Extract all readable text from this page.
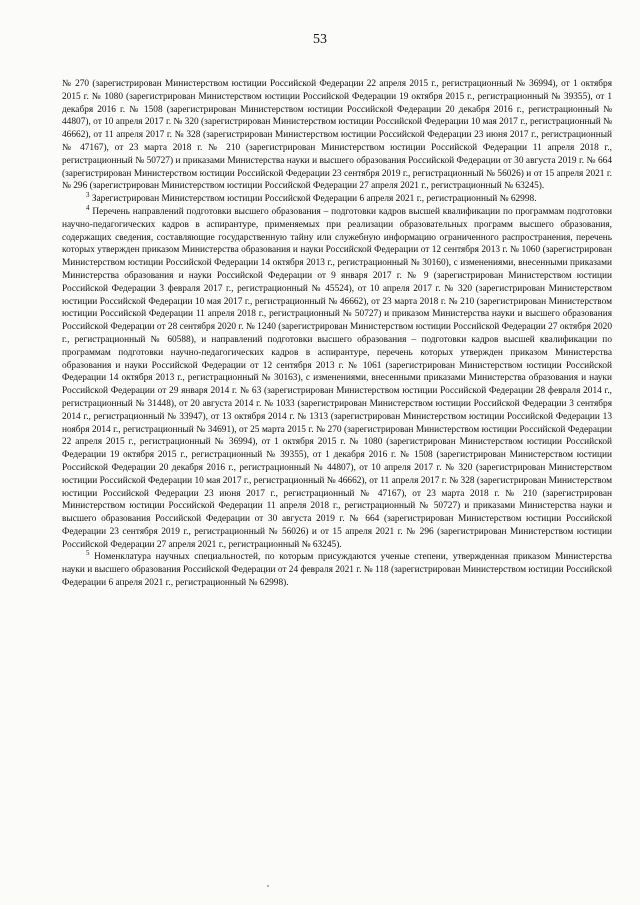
53

№ 270 (зарегистрирован Министерством юстиции Российской Федерации 22 апреля 2015 г., регистрационный № 36994), от 1 октября 2015 г. № 1080 (зарегистрирован Министерством юстиции Российской Федерации 19 октября 2015 г., регистрационный № 39355), от 1 декабря 2016 г. № 1508 (зарегистрирован Министерством юстиции Российской Федерации 20 декабря 2016 г., регистрационный № 44807), от 10 апреля 2017 г. № 320 (зарегистрирован Министерством юстиции Российской Федерации 10 мая 2017 г., регистрационный № 46662), от 11 апреля 2017 г. № 328 (зарегистрирован Министерством юстиции Российской Федерации 23 июня 2017 г., регистрационный № 47167), от 23 марта 2018 г. № 210 (зарегистрирован Министерством юстиции Российской Федерации 11 апреля 2018 г., регистрационный № 50727) и приказами Министерства науки и высшего образования Российской Федерации от 30 августа 2019 г. № 664 (зарегистрирован Министерством юстиции Российской Федерации 23 сентября 2019 г., регистрационный № 56026) и от 15 апреля 2021 г. № 296 (зарегистрирован Министерством юстиции Российской Федерации 27 апреля 2021 г., регистрационный № 63245).

$^3$ Зарегистрирован Министерством юстиции Российской Федерации 6 апреля 2021 г., регистрационный № 62998.

$^4$ Перечень направлений подготовки высшего образования – подготовки кадров высшей квалификации по программам подготовки научно-педагогических кадров в аспирантуре, применяемых при реализации образовательных программ высшего образования, содержащих сведения, составляющие государственную тайну или служебную информацию ограниченного распространения, перечень которых утвержден приказом Министерства образования и науки Российской Федерации от 12 сентября 2013 г. № 1060 (зарегистрирован Министерством юстиции Российской Федерации 14 октября 2013 г., регистрационный № 30160), с изменениями, внесенными приказами Министерства образования и науки Российской Федерации от 9 января 2017 г. № 9 (зарегистрирован Министерством юстиции Российской Федерации 3 февраля 2017 г., регистрационный № 45524), от 10 апреля 2017 г. № 320 (зарегистрирован Министерством юстиции Российской Федерации 10 мая 2017 г., регистрационный № 46662), от 23 марта 2018 г. № 210 (зарегистрирован Министерством юстиции Российской Федерации 11 апреля 2018 г., регистрационный № 50727) и приказом Министерства науки и высшего образования Российской Федерации от 28 сентября 2020 г. № 1240 (зарегистрирован Министерством юстиции Российской Федерации 27 октября 2020 г., регистрационный № 60588), и направлений подготовки высшего образования – подготовки кадров высшей квалификации по программам подготовки научно-педагогических кадров в аспирантуре, перечень которых утвержден приказом Министерства образования и науки Российской Федерации от 12 сентября 2013 г. № 1061 (зарегистрирован Министерством юстиции Российской Федерации 14 октября 2013 г., регистрационный № 30163), с изменениями, внесенными приказами Министерства образования и науки Российской Федерации от 29 января 2014 г. № 63 (зарегистрирован Министерством юстиции Российской Федерации 28 февраля 2014 г., регистрационный № 31448), от 20 августа 2014 г. № 1033 (зарегистрирован Министерством юстиции Российской Федерации 3 сентября 2014 г., регистрационный № 33947), от 13 октября 2014 г. № 1313 (зарегистрирован Министерством юстиции Российской Федерации 13 ноября 2014 г., регистрационный № 34691), от 25 марта 2015 г. № 270 (зарегистрирован Министерством юстиции Российской Федерации 22 апреля 2015 г., регистрационный № 36994), от 1 октября 2015 г. № 1080 (зарегистрирован Министерством юстиции Российской Федерации 19 октября 2015 г., регистрационный № 39355), от 1 декабря 2016 г. № 1508 (зарегистрирован Министерством юстиции Российской Федерации 20 декабря 2016 г., регистрационный № 44807), от 10 апреля 2017 г. № 320 (зарегистрирован Министерством юстиции Российской Федерации 10 мая 2017 г., регистрационный № 46662), от 11 апреля 2017 г. № 328 (зарегистрирован Министерством юстиции Российской Федерации 23 июня 2017 г., регистрационный № 47167), от 23 марта 2018 г. № 210 (зарегистрирован Министерством юстиции Российской Федерации 11 апреля 2018 г., регистрационный № 50727) и приказами Министерства науки и высшего образования Российской Федерации от 30 августа 2019 г. № 664 (зарегистрирован Министерством юстиции Российской Федерации 23 сентября 2019 г., регистрационный № 56026) и от 15 апреля 2021 г. № 296 (зарегистрирован Министерством юстиции Российской Федерации 27 апреля 2021 г., регистрационный № 63245).

$^5$ Номенклатура научных специальностей, по которым присуждаются ученые степени, утвержденная приказом Министерства науки и высшего образования Российской Федерации от 24 февраля 2021 г. № 118 (зарегистрирован Министерством юстиции Российской Федерации 6 апреля 2021 г., регистрационный № 62998).
